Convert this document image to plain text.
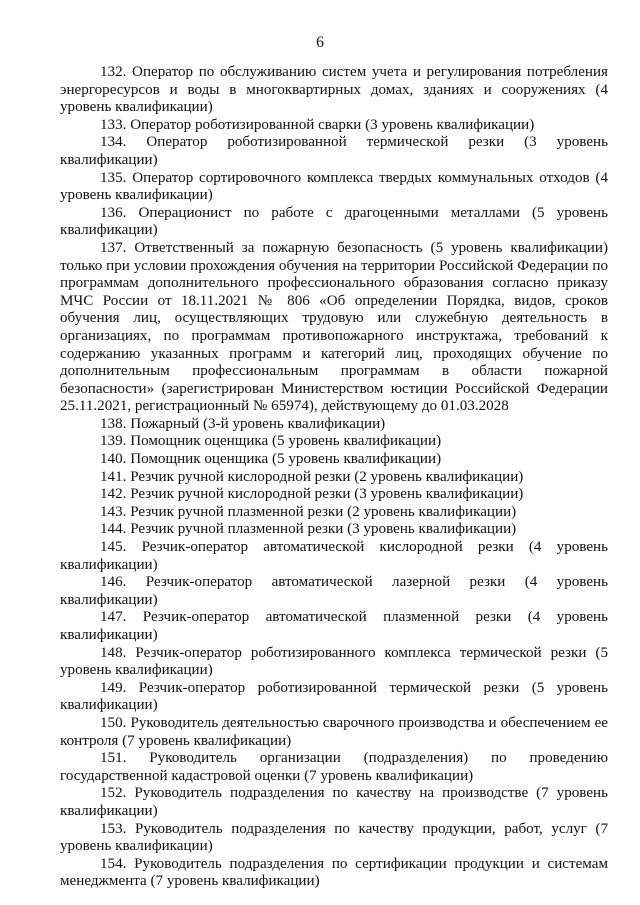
6

132. Оператор по обслуживанию систем учета и регулирования потребления энергоресурсов и воды в многоквартирных домах, зданиях и сооружениях (4 уровень квалификации)

133. Оператор роботизированной сварки (3 уровень квалификации)

134. Оператор роботизированной термической резки (3 уровень квалификации)

135. Оператор сортировочного комплекса твердых коммунальных отходов (4 уровень квалификации)

136. Операционист по работе с драгоценными металлами (5 уровень квалификации)

137. Ответственный за пожарную безопасность (5 уровень квалификации) только при условии прохождения обучения на территории Российской Федерации по программам дополнительного профессионального образования согласно приказу МЧС России от 18.11.2021 № 806 «Об определении Порядка, видов, сроков обучения лиц, осуществляющих трудовую или служебную деятельность в организациях, по программам противопожарного инструктажа, требований к содержанию указанных программ и категорий лиц, проходящих обучение по дополнительным профессиональным программам в области пожарной безопасности» (зарегистрирован Министерством юстиции Российской Федерации 25.11.2021, регистрационный № 65974), действующему до 01.03.2028

138. Пожарный (3-й уровень квалификации)

139. Помощник оценщика (5 уровень квалификации)

140. Помощник оценщика (5 уровень квалификации)

141. Резчик ручной кислородной резки (2 уровень квалификации)

142. Резчик ручной кислородной резки (3 уровень квалификации)

143. Резчик ручной плазменной резки (2 уровень квалификации)

144. Резчик ручной плазменной резки (3 уровень квалификации)

145. Резчик-оператор автоматической кислородной резки (4 уровень квалификации)

146. Резчик-оператор автоматической лазерной резки (4 уровень квалификации)

147. Резчик-оператор автоматической плазменной резки (4 уровень квалификации)

148. Резчик-оператор роботизированного комплекса термической резки (5 уровень квалификации)

149. Резчик-оператор роботизированной термической резки (5 уровень квалификации)

150. Руководитель деятельностью сварочного производства и обеспечением ее контроля (7 уровень квалификации)

151. Руководитель организации (подразделения) по проведению государственной кадастровой оценки (7 уровень квалификации)

152. Руководитель подразделения по качеству на производстве (7 уровень квалификации)

153. Руководитель подразделения по качеству продукции, работ, услуг (7 уровень квалификации)

154. Руководитель подразделения по сертификации продукции и системам менеджмента (7 уровень квалификации)
